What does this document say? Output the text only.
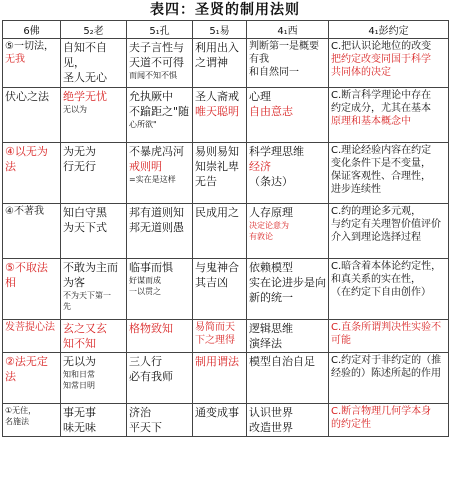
表四：圣贤的制用法则
6佛	5₂老	5₁孔	5₁易	4₁西	4₁彭约定

⑤一切法，
无我	自知不自见，
圣人无心	夫子言性与
天道不可得
而闻不知不惧	利用出入
之谓神	判断第一是概要
有我
和自然同一	C.把认识论地位的改变
把约定改变同国于科学
共同体的决定

伏心之法	绝学无忧
无以为	允执厥中
不踰距之"随
心所欲"	圣人斋戒
唯天聪明	心理
自由意志	C.断言科学理论中存在
约定成分，尤其在基本
原理和基本概念中

④以无为
法	为无为
行无行	不暴虎冯河
戒则明
=实在是这样	易则易知
知崇礼卑
无告	科学理思维
经济
（条达）	C.理论经验内容在约定
变化条件下是不变量，
保证客观性、合理性，
进步连续性

④不著我	知白守黑
为天下式	邦有道则知
邦无道则愚	民成用之	人存原理
决定论意为
有敦论	C.约的理论多元观，
与约定有关理智价值评价
介入到理论选择过程

⑤不取法
相	不敢为主而
为客
不为天下第一
先	临事而惧
好谋而成
一以贯之	与鬼神合
其吉凶	依赖模型
实在论进步是向
新的统一	C.暗含着本体论约定性，
和真关系的实在性，
（在约定下自由创作）

发菩提心法	玄之又玄
知不知	格物致知	易简而天
下之理得	逻辑思维
演绎法	C.直条所谓判决性实验不
可能

②法无定
法	无以为
知和日常
知常日明	三人行
必有我师	制用谓法	模型自治自足	C.约定对于非约定的（推
经验的）陈述所起的作用

①无住，
名施法	事无事
味无味	济治
平天下	通变成事	认识世界
改造世界	C.断言物理几何学本身
的约定性
